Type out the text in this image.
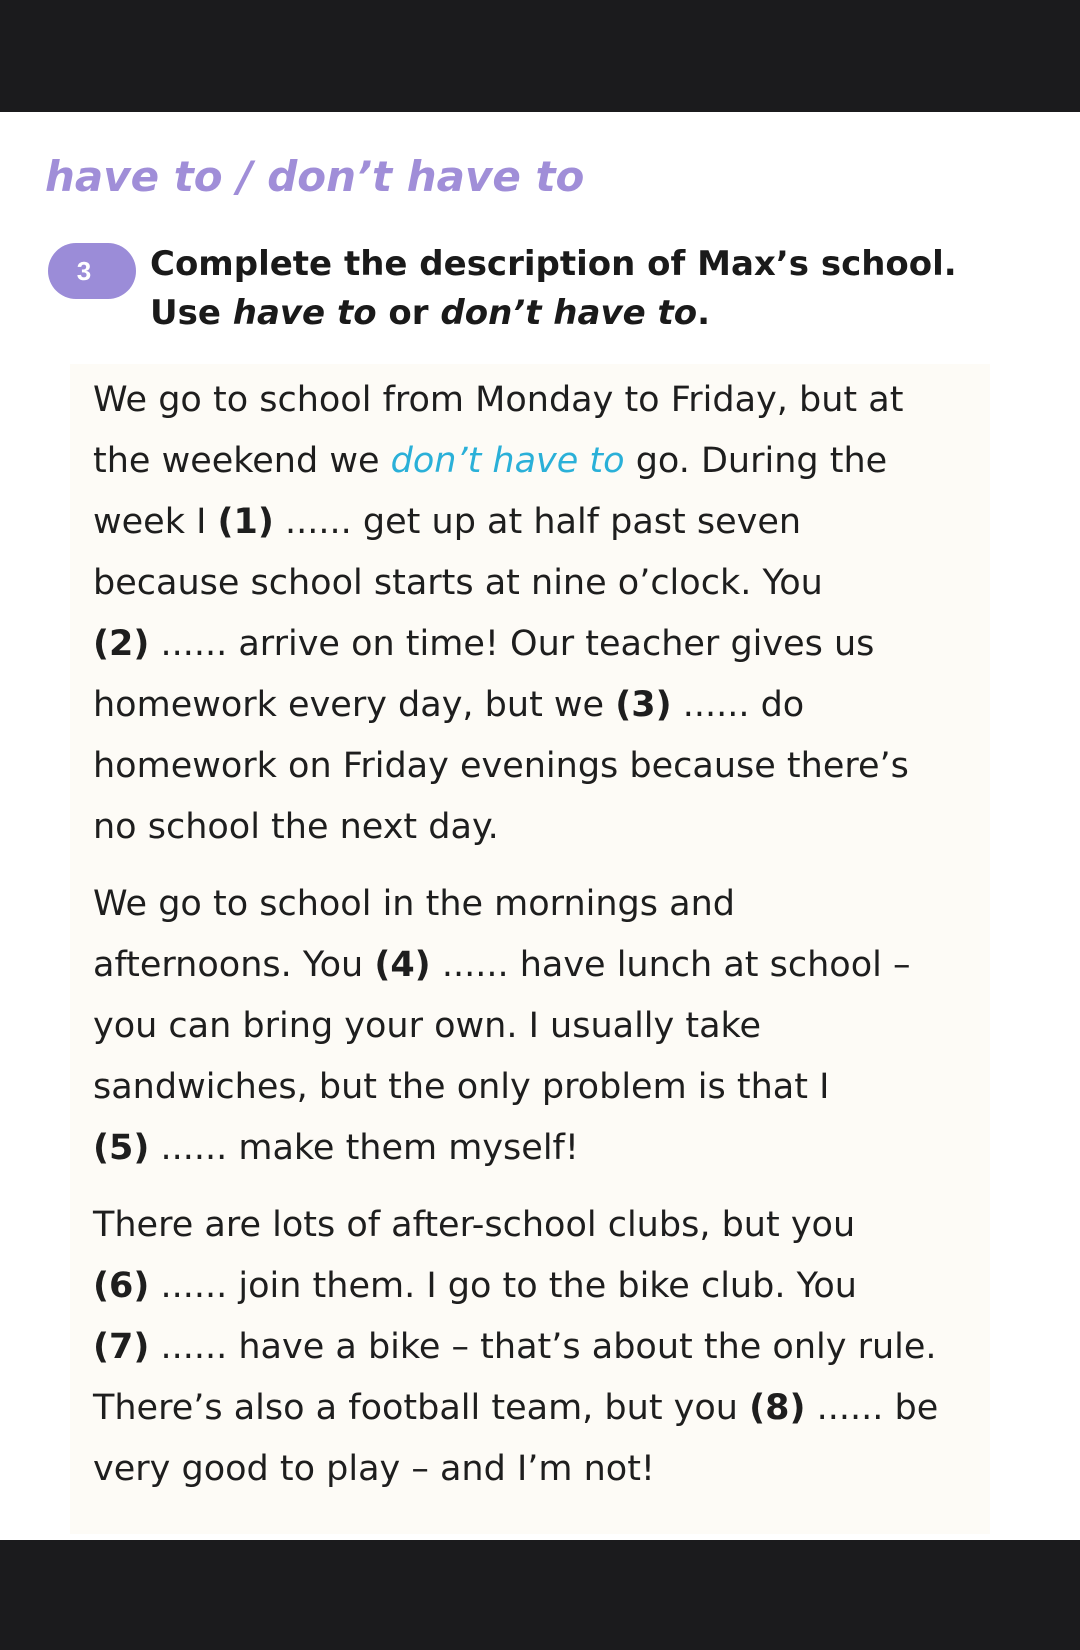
have to / don’t have to
3	Complete the description of Max’s school.
Use have to or don’t have to.

We go to school from Monday to Friday, but at
the weekend we don’t have to go. During the
week I (1) ...... get up at half past seven
because school starts at nine o’clock. You
(2) ...... arrive on time! Our teacher gives us
homework every day, but we (3) ...... do
homework on Friday evenings because there’s
no school the next day.

We go to school in the mornings and
afternoons. You (4) ...... have lunch at school –
you can bring your own. I usually take
sandwiches, but the only problem is that I
(5) ...... make them myself!

There are lots of after-school clubs, but you
(6) ...... join them. I go to the bike club. You
(7) ...... have a bike – that’s about the only rule.
There’s also a football team, but you (8) ...... be
very good to play – and I’m not!
